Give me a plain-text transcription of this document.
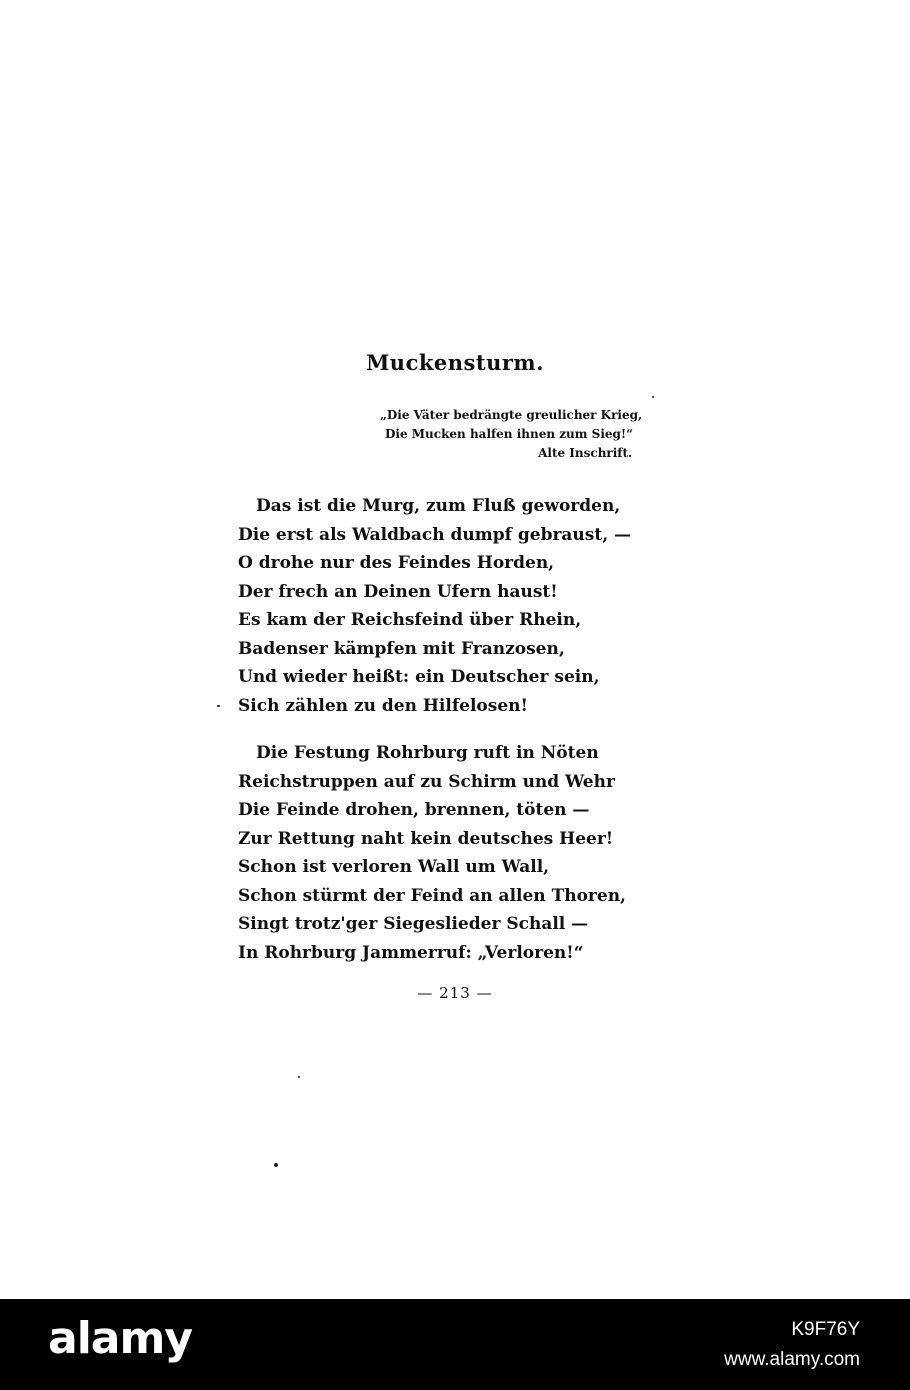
Muckensturm.
„Die Väter bedrängte greulicher Krieg,
Die Mucken halfen ihnen zum Sieg!“
Alte Inschrift.
Das ist die Murg, zum Fluß geworden,
Die erst als Waldbach dumpf gebraust, —
O drohe nur des Feindes Horden,
Der frech an Deinen Ufern haust!
Es kam der Reichsfeind über Rhein,
Badenser kämpfen mit Franzosen,
Und wieder heißt: ein Deutscher sein,
Sich zählen zu den Hilfelosen!
Die Festung Rohrburg ruft in Nöten
Reichstruppen auf zu Schirm und Wehr
Die Feinde drohen, brennen, töten —
Zur Rettung naht kein deutsches Heer!
Schon ist verloren Wall um Wall,
Schon stürmt der Feind an allen Thoren,
Singt trotz'ger Siegeslieder Schall —
In Rohrburg Jammerruf: „Verloren!“
— 213 —
alamy	K9F76Y
www.alamy.com
